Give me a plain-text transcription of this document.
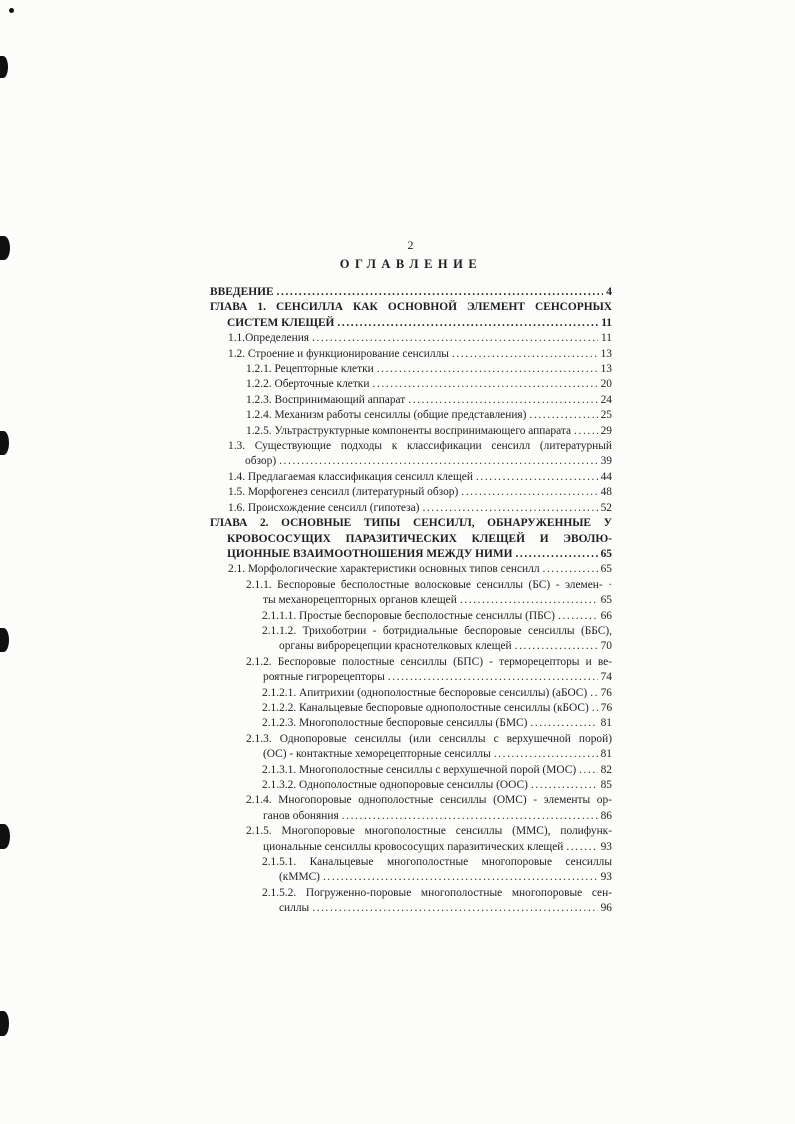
2
ОГЛАВЛЕНИЕ
ВВЕДЕНИЕ .....	4
ГЛАВА 1. СЕНСИЛЛА КАК ОСНОВНОЙ ЭЛЕМЕНТ СЕНСОРНЫХ
СИСТЕМ КЛЕЩЕЙ .....	11
1.1.Определения .....	11
1.2. Строение и функционирование сенсиллы .....	13
1.2.1. Рецепторные клетки .....	13
1.2.2. Оберточные клетки .....	20
1.2.3. Воспринимающий аппарат .....	24
1.2.4. Механизм работы сенсиллы (общие представления) .....	25
1.2.5. Ультраструктурные компоненты воспринимающего аппарата .....	29
1.3. Существующие подходы к классификации сенсилл (литературный
обзор) .....	39
1.4. Предлагаемая классификация сенсилл клещей .....	44
1.5. Морфогенез сенсилл (литературный обзор) .....	48
1.6. Происхождение сенсилл (гипотеза) .....	52
ГЛАВА 2. ОСНОВНЫЕ ТИПЫ СЕНСИЛЛ, ОБНАРУЖЕННЫЕ У
КРОВОСОСУЩИХ ПАРАЗИТИЧЕСКИХ КЛЕЩЕЙ И ЭВОЛЮ-
ЦИОННЫЕ ВЗАИМООТНОШЕНИЯ МЕЖДУ НИМИ .....	65
2.1. Морфологические характеристики основных типов сенсилл .....	65
2.1.1. Беспоровые бесполостные волосковые сенсиллы (БС) - элемен- ·
ты механорецепторных органов клещей .....	65
2.1.1.1. Простые беспоровые бесполостные сенсиллы (ПБС) .....	66
2.1.1.2. Трихоботрии - ботридиальные беспоровые сенсиллы (ББС),
органы виброрецепции краснотелковых клещей .....	70
2.1.2. Беспоровые полостные сенсиллы (БПС) - терморецепторы и ве-
роятные гигрорецепторы .....	74
2.1.2.1. Апитрихии (однополостные беспоровые сенсиллы) (аБОС) ..... 76
2.1.2.2. Канальцевые беспоровые однополостные сенсиллы (кБОС) ..... 76
2.1.2.3. Многополостные беспоровые сенсиллы (БМС) .....	81
2.1.3. Однопоровые сенсиллы (или сенсиллы с верхушечной порой)
(ОС) - контактные хеморецепторные сенсиллы .....	81
2.1.3.1. Многополостные сенсиллы с верхушечной порой (МОС) ..... 82
2.1.3.2. Однополостные однопоровые сенсиллы (ООС) .....	85
2.1.4. Многопоровые однополостные сенсиллы (ОМС) - элементы ор-
ганов обоняния .....	86
2.1.5. Многопоровые многополостные сенсиллы (ММС), полифунк-
циональные сенсиллы кровососущих паразитических клещей .....	93
2.1.5.1. Канальцевые многополостные многопоровые сенсиллы
(кММС) .....	93
2.1.5.2. Погруженно-поровые многополостные многопоровые сен-
силлы .....	96
